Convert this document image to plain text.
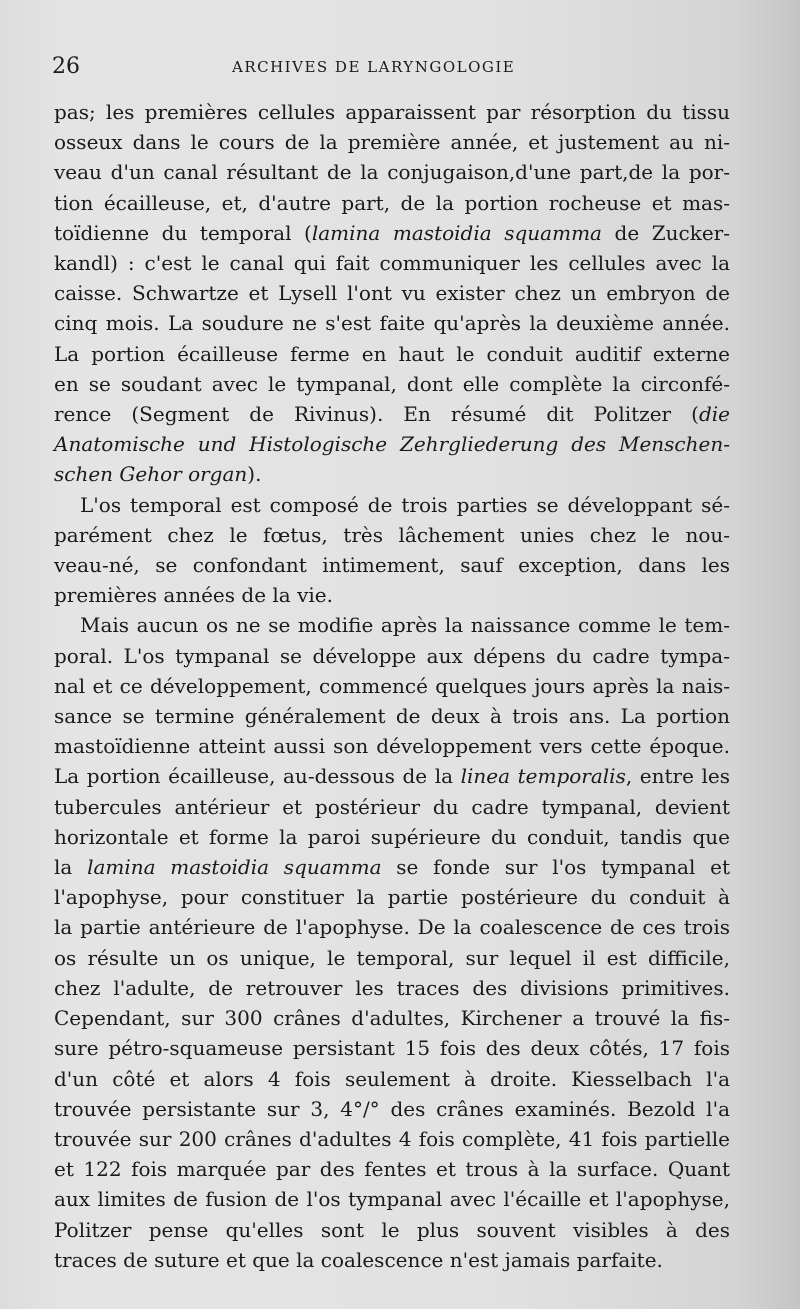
26	ARCHIVES DE LARYNGOLOGIE
pas; les premières cellules apparaissent par résorption du tissu
osseux dans le cours de la première année, et justement au ni-
veau d'un canal résultant de la conjugaison,d'une part,de la por-
tion écailleuse, et, d'autre part, de la portion rocheuse et mas-
toïdienne du temporal (lamina mastoidia squamma de Zucker-
kandl) : c'est le canal qui fait communiquer les cellules avec la
caisse. Schwartze et Lysell l'ont vu exister chez un embryon de
cinq mois. La soudure ne s'est faite qu'après la deuxième année.
La portion écailleuse ferme en haut le conduit auditif externe
en se soudant avec le tympanal, dont elle complète la circonfé-
rence (Segment de Rivinus). En résumé dit Politzer (die
Anatomische und Histologische Zehrgliederung des Menschen-
schen Gehor organ).
L'os temporal est composé de trois parties se développant sé-
parément chez le fœtus, très lâchement unies chez le nou-
veau-né, se confondant intimement, sauf exception, dans les
premières années de la vie.
Mais aucun os ne se modifie après la naissance comme le tem-
poral. L'os tympanal se développe aux dépens du cadre tympa-
nal et ce développement, commencé quelques jours après la nais-
sance se termine généralement de deux à trois ans. La portion
mastoïdienne atteint aussi son développement vers cette époque.
La portion écailleuse, au-dessous de la linea temporalis, entre les
tubercules antérieur et postérieur du cadre tympanal, devient
horizontale et forme la paroi supérieure du conduit, tandis que
la lamina mastoidia squamma se fonde sur l'os tympanal et
l'apophyse, pour constituer la partie postérieure du conduit à
la partie antérieure de l'apophyse. De la coalescence de ces trois
os résulte un os unique, le temporal, sur lequel il est difficile,
chez l'adulte, de retrouver les traces des divisions primitives.
Cependant, sur 300 crânes d'adultes, Kirchener a trouvé la fis-
sure pétro-squameuse persistant 15 fois des deux côtés, 17 fois
d'un côté et alors 4 fois seulement à droite. Kiesselbach l'a
trouvée persistante sur 3, 4°/° des crânes examinés. Bezold l'a
trouvée sur 200 crânes d'adultes 4 fois complète, 41 fois partielle
et 122 fois marquée par des fentes et trous à la surface. Quant
aux limites de fusion de l'os tympanal avec l'écaille et l'apophyse,
Politzer pense qu'elles sont le plus souvent visibles à des
traces de suture et que la coalescence n'est jamais parfaite.
